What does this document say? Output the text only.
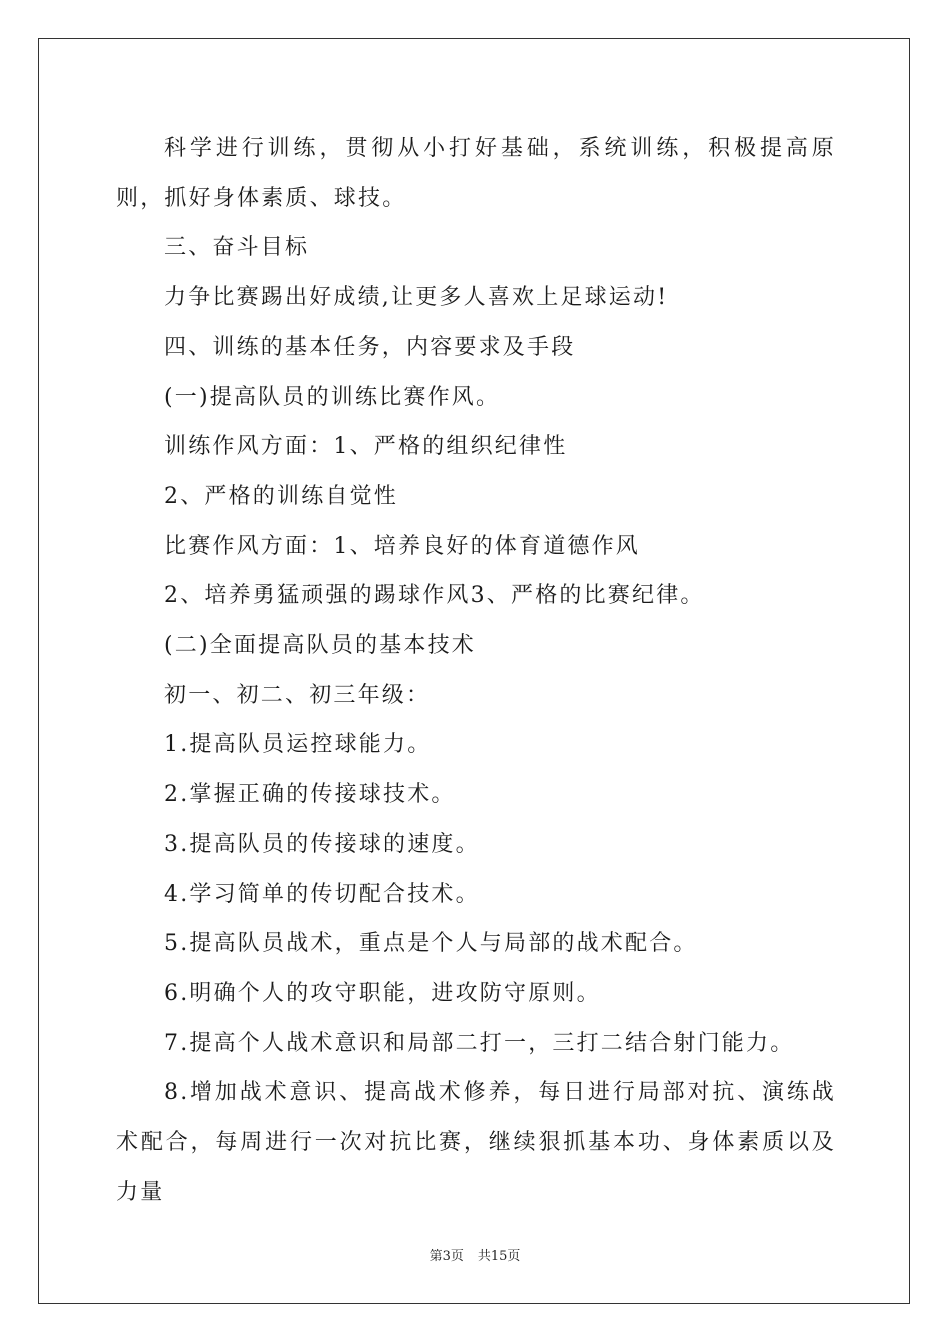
科学进行训练，贯彻从小打好基础，系统训练，积极提高原则，抓好身体素质、球技。

三、奋斗目标

力争比赛踢出好成绩,让更多人喜欢上足球运动!

四、训练的基本任务，内容要求及手段

(一)提高队员的训练比赛作风。

训练作风方面：1、严格的组织纪律性

2、严格的训练自觉性

比赛作风方面：1、培养良好的体育道德作风

2、培养勇猛顽强的踢球作风3、严格的比赛纪律。

(二)全面提高队员的基本技术

初一、初二、初三年级：

1.提高队员运控球能力。

2.掌握正确的传接球技术。

3.提高队员的传接球的速度。

4.学习简单的传切配合技术。

5.提高队员战术，重点是个人与局部的战术配合。

6.明确个人的攻守职能，进攻防守原则。

7.提高个人战术意识和局部二打一，三打二结合射门能力。

8.增加战术意识、提高战术修养，每日进行局部对抗、演练战术配合，每周进行一次对抗比赛，继续狠抓基本功、身体素质以及力量

第3页 共15页
